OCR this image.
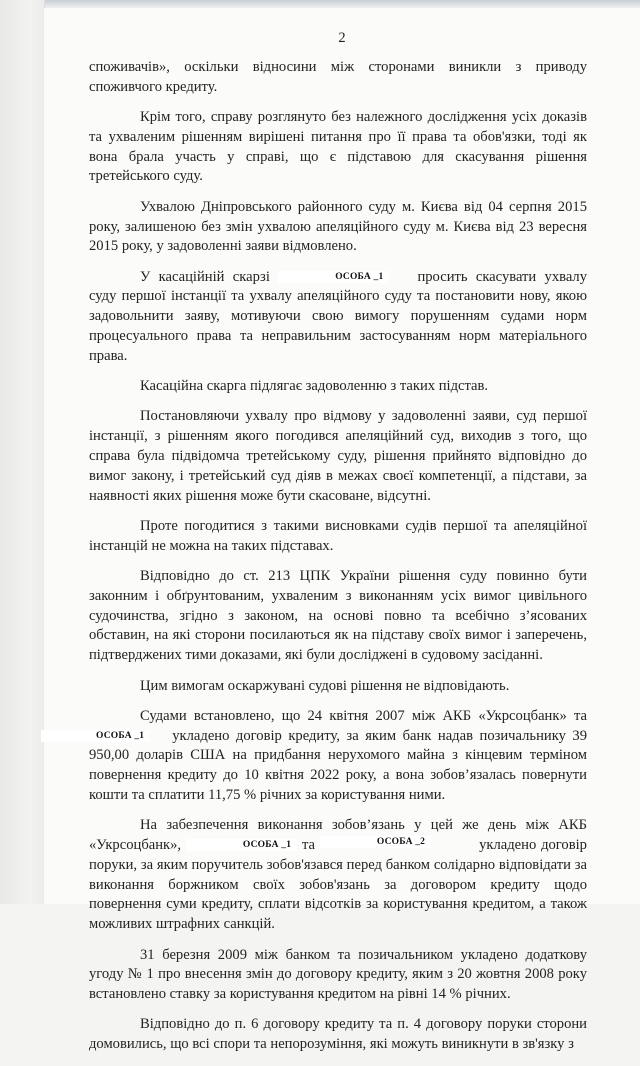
2

споживачів», оскільки відносини між сторонами виникли з приводу споживчого кредиту.

Крім того, справу розглянуто без належного дослідження усіх доказів та ухваленим рішенням вирішені питання про її права та обов'язки, тоді як вона брала участь у справі, що є підставою для скасування рішення третейського суду.

Ухвалою Дніпровського районного суду м. Києва від 04 серпня 2015 року, залишеною без змін ухвалою апеляційного суду м. Києва від 23 вересня 2015 року, у задоволенні заяви відмовлено.

У касаційній скарзі	ОСОБА _1 просить скасувати ухвалу суду першої інстанції та ухвалу апеляційного суду та постановити нову, якою задовольнити заяву, мотивуючи свою вимогу порушенням судами норм процесуального права та неправильним застосуванням норм матеріального права.

Касаційна скарга підлягає задоволенню з таких підстав.

Постановляючи ухвалу про відмову у задоволенні заяви, суд першої інстанції, з рішенням якого погодився апеляційний суд, виходив з того, що справа була підвідомча третейському суду, рішення прийнято відповідно до вимог закону, і третейський суд діяв в межах своєї компетенції, а підстави, за наявності яких рішення може бути скасоване, відсутні.

Проте погодитися з такими висновками судів першої та апеляційної інстанцій не можна на таких підставах.

Відповідно до ст. 213 ЦПК України рішення суду повинно бути законним і обґрунтованим, ухваленим з виконанням усіх вимог цивільного судочинства, згідно з законом, на основі повно та всебічно з’ясованих обставин, на які сторони посилаються як на підставу своїх вимог і заперечень, підтверджених тими доказами, які були досліджені в судовому засіданні.

Цим вимогам оскаржувані судові рішення не відповідають.

Судами встановлено, що 24 квітня 2007 між АКБ «Укрсоцбанк» та ОСОБА _1 укладено договір кредиту, за яким банк надав позичальнику 39 950,00 доларів США на придбання нерухомого майна з кінцевим терміном повернення кредиту до 10 квітня 2022 року, а вона зобов’язалась повернути кошти та сплатити 11,75 % річних за користування ними.

На забезпечення виконання зобов’язань у цей же день між АКБ «Укрсоцбанк»,	ОСОБА _1 та	ОСОБА _2	укладено договір поруки, за яким поручитель зобов'язався перед банком солідарно відповідати за виконання боржником своїх зобов'язань за договором кредиту щодо повернення суми кредиту, сплати відсотків за користування кредитом, а також можливих штрафних санкцій.

31 березня 2009 між банком та позичальником укладено додаткову угоду № 1 про внесення змін до договору кредиту, яким з 20 жовтня 2008 року встановлено ставку за користування кредитом на рівні 14 % річних.

Відповідно до п. 6 договору кредиту та п. 4 договору поруки сторони домовились, що всі спори та непорозуміння, які можуть виникнути в зв'язку з
